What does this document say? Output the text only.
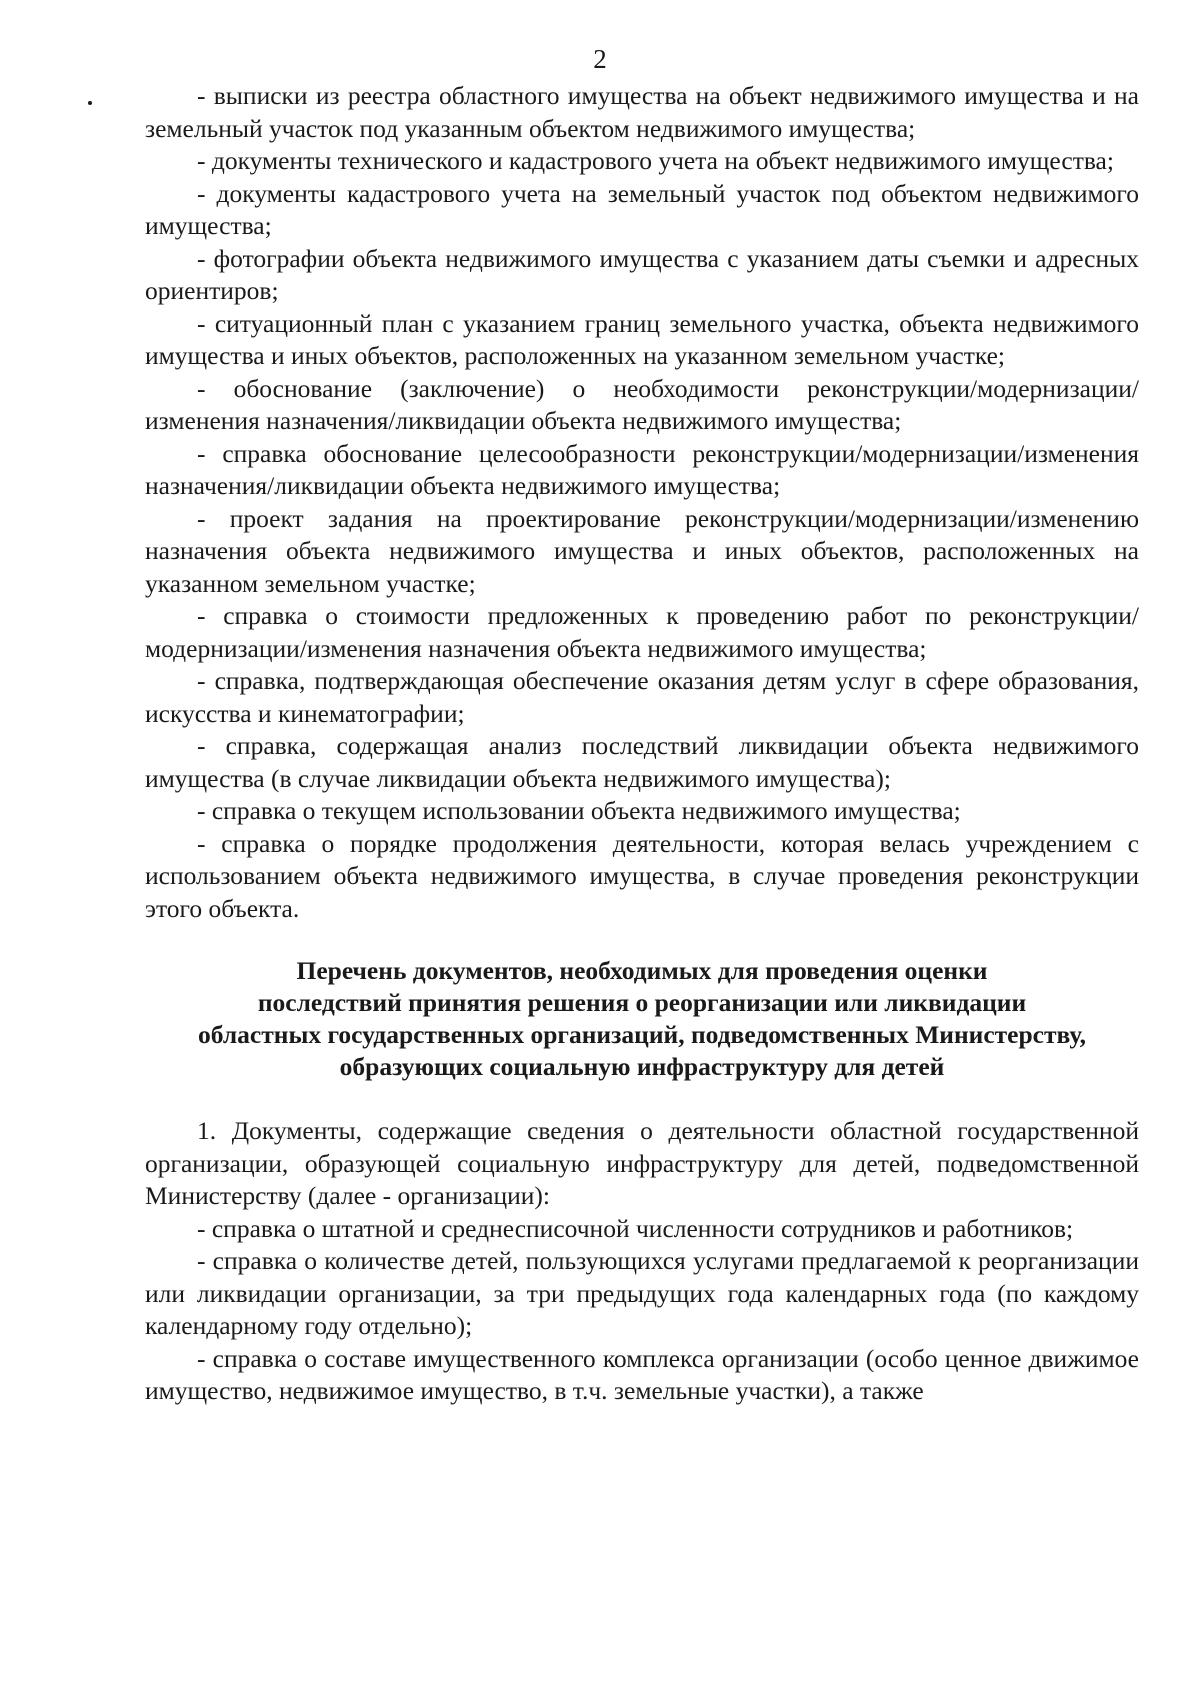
2

- выписки из реестра областного имущества на объект недвижимого имущества и на земельный участок под указанным объектом недвижимого имущества;

- документы технического и кадастрового учета на объект недвижимого имущества;

- документы кадастрового учета на земельный участок под объектом недвижимого имущества;

- фотографии объекта недвижимого имущества с указанием даты съемки и адресных ориентиров;

- ситуационный план с указанием границ земельного участка, объекта недвижимого имущества и иных объектов, расположенных на указанном земельном участке;

- обоснование (заключение) о необходимости реконструкции/модернизации/изменения назначения/ликвидации объекта недвижимого имущества;

- справка обоснование целесообразности реконструкции/модернизации/изменения назначения/ликвидации объекта недвижимого имущества;

- проект задания на проектирование реконструкции/модернизации/изменению назначения объекта недвижимого имущества и иных объектов, расположенных на указанном земельном участке;

- справка о стоимости предложенных к проведению работ по реконструкции/модернизации/изменения назначения объекта недвижимого имущества;

- справка, подтверждающая обеспечение оказания детям услуг в сфере образования, искусства и кинематографии;

- справка, содержащая анализ последствий ликвидации объекта недвижимого имущества (в случае ликвидации объекта недвижимого имущества);

- справка о текущем использовании объекта недвижимого имущества;

- справка о порядке продолжения деятельности, которая велась учреждением с использованием объекта недвижимого имущества, в случае проведения реконструкции этого объекта.

Перечень документов, необходимых для проведения оценки
последствий принятия решения о реорганизации или ликвидации
областных государственных организаций, подведомственных Министерству,
образующих социальную инфраструктуру для детей

1. Документы, содержащие сведения о деятельности областной государственной организации, образующей социальную инфраструктуру для детей, подведомственной Министерству (далее - организации):

- справка о штатной и среднесписочной численности сотрудников и работников;

- справка о количестве детей, пользующихся услугами предлагаемой к реорганизации или ликвидации организации, за три предыдущих года календарных года (по каждому календарному году отдельно);

- справка о составе имущественного комплекса организации (особо ценное движимое имущество, недвижимое имущество, в т.ч. земельные участки), а также
